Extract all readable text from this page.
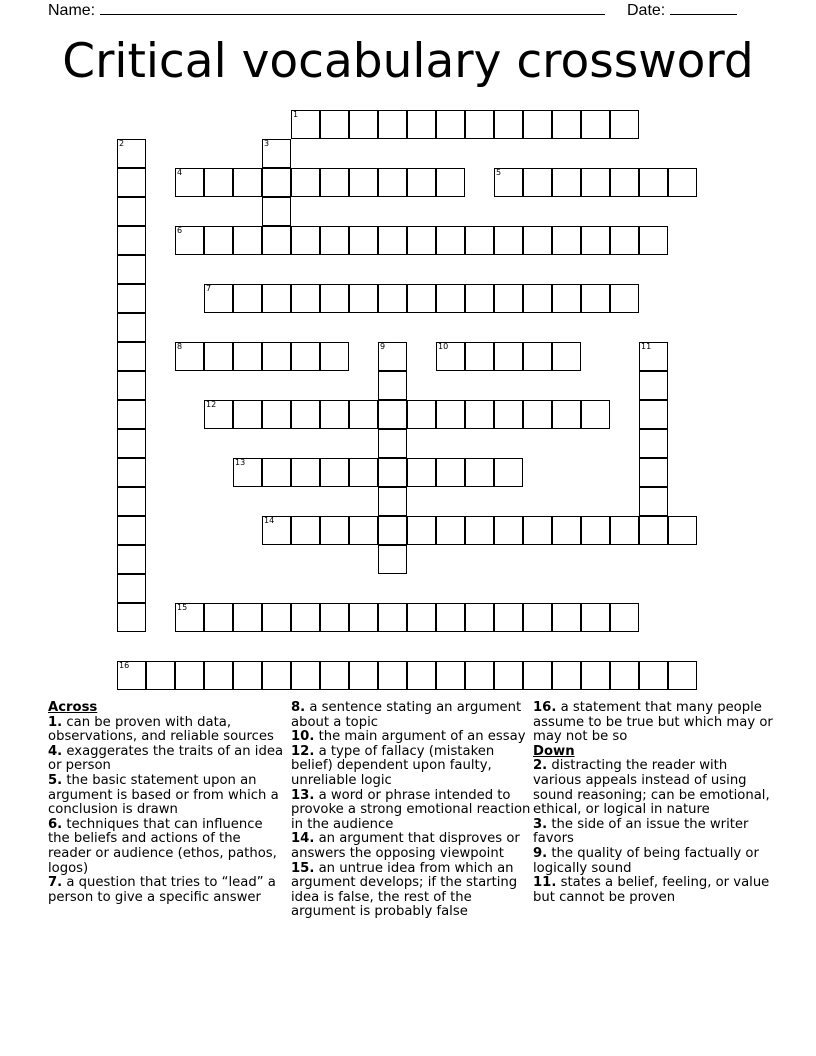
Name:	Date:
Critical vocabulary crossword
1
4	5
6
7
8	10
12
13
14
15
16
2	3
9	11

Across

1. can be proven with data, observations, and reliable sources

4. exaggerates the traits of an idea or person

5. the basic statement upon an argument is based or from which a conclusion is drawn

6. techniques that can influence the beliefs and actions of the reader or audience (ethos, pathos, logos)

7. a question that tries to “lead” a person to give a specific answer

8. a sentence stating an argument about a topic

10. the main argument of an essay

12. a type of fallacy (mistaken belief) dependent upon faulty, unreliable logic

13. a word or phrase intended to provoke a strong emotional reaction in the audience

14. an argument that disproves or answers the opposing viewpoint

15. an untrue idea from which an argument develops; if the starting idea is false, the rest of the argument is probably false

16. a statement that many people assume to be true but which may or may not be so

Down

2. distracting the reader with various appeals instead of using sound reasoning; can be emotional, ethical, or logical in nature

3. the side of an issue the writer favors

9. the quality of being factually or logically sound

11. states a belief, feeling, or value but cannot be proven
